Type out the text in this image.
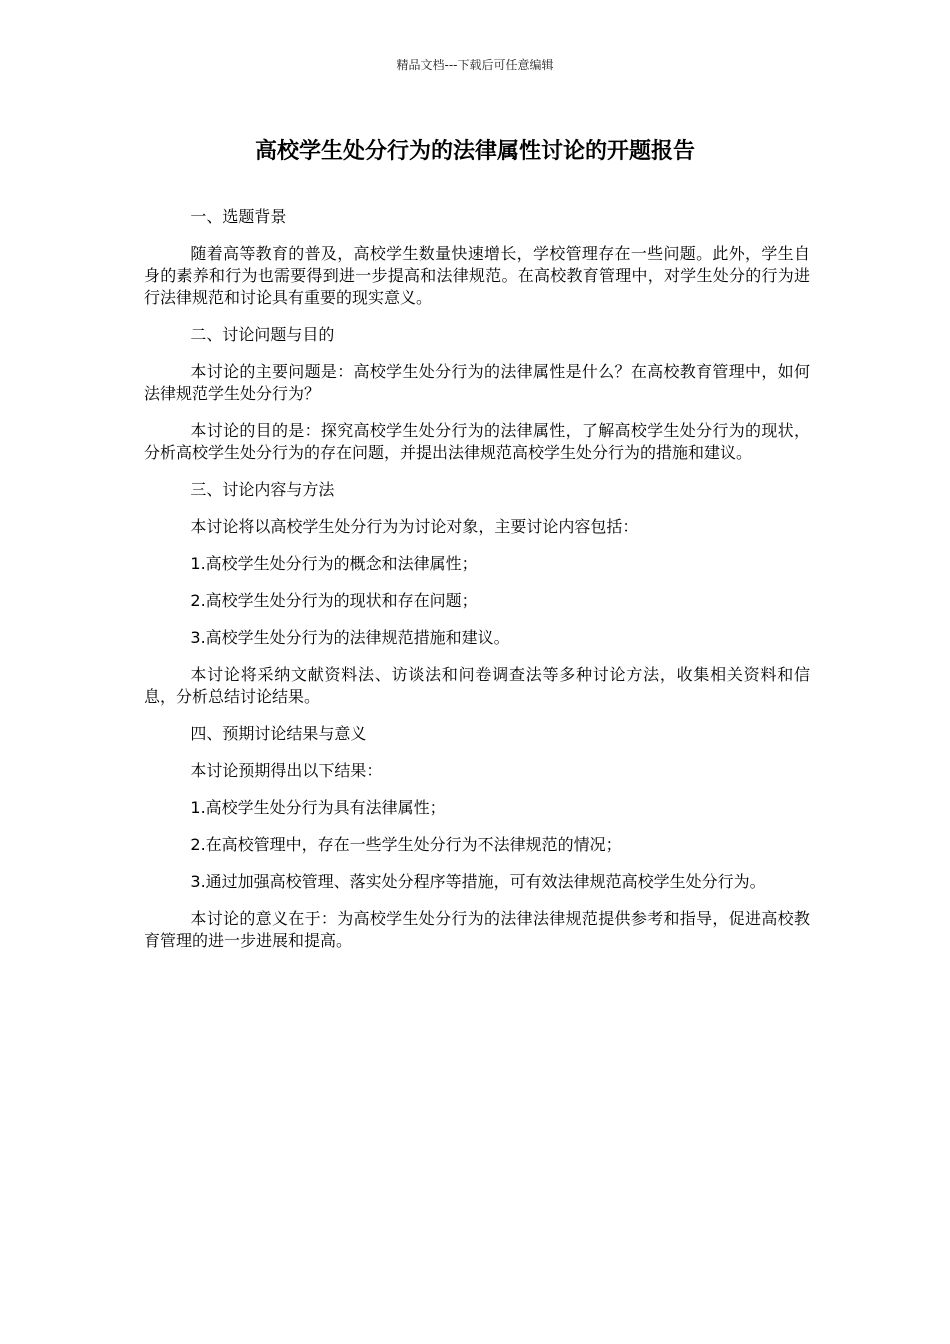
精品文档---下载后可任意编辑
高校学生处分行为的法律属性讨论的开题报告

一、选题背景

随着高等教育的普及，高校学生数量快速增长，学校管理存在一些问题。此外，学生自身的素养和行为也需要得到进一步提高和法律规范。在高校教育管理中，对学生处分的行为进行法律规范和讨论具有重要的现实意义。

二、讨论问题与目的

本讨论的主要问题是：高校学生处分行为的法律属性是什么？在高校教育管理中，如何法律规范学生处分行为？

本讨论的目的是：探究高校学生处分行为的法律属性，了解高校学生处分行为的现状，分析高校学生处分行为的存在问题，并提出法律规范高校学生处分行为的措施和建议。

三、讨论内容与方法

本讨论将以高校学生处分行为为讨论对象，主要讨论内容包括：

1.高校学生处分行为的概念和法律属性；

2.高校学生处分行为的现状和存在问题；

3.高校学生处分行为的法律规范措施和建议。

本讨论将采纳文献资料法、访谈法和问卷调查法等多种讨论方法，收集相关资料和信息，分析总结讨论结果。

四、预期讨论结果与意义

本讨论预期得出以下结果：

1.高校学生处分行为具有法律属性；

2.在高校管理中，存在一些学生处分行为不法律规范的情况；

3.通过加强高校管理、落实处分程序等措施，可有效法律规范高校学生处分行为。

本讨论的意义在于：为高校学生处分行为的法律法律规范提供参考和指导，促进高校教育管理的进一步进展和提高。
